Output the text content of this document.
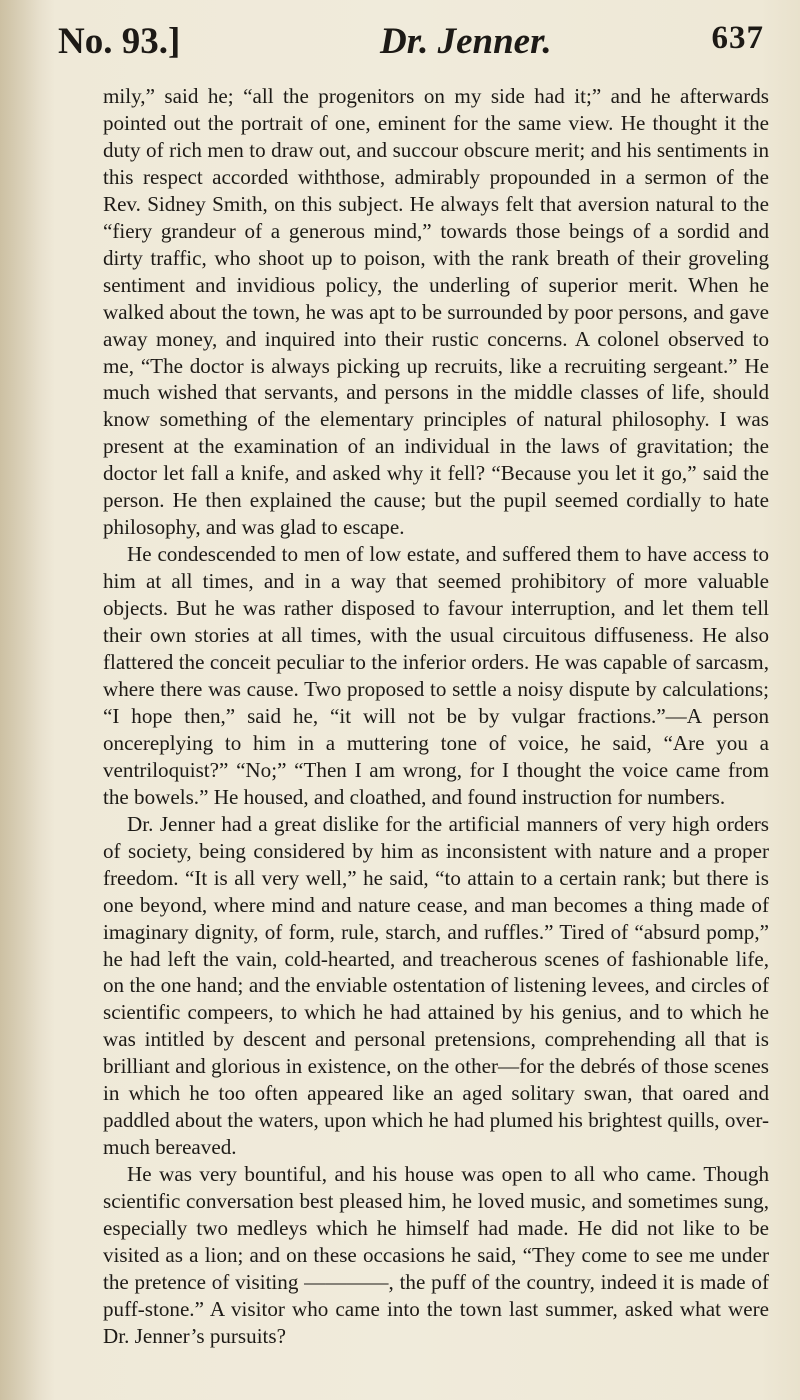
No. 93.]	Dr. Jenner.	637

mily,” said he; “all the progenitors on my side had it;” and he afterwards pointed out the portrait of one, eminent for the same view. He thought it the duty of rich men to draw out, and succour obscure merit; and his sentiments in this respect accorded withthose, admirably propounded in a sermon of the Rev. Sidney Smith, on this subject. He always felt that aversion natural to the “fiery grandeur of a generous mind,” towards those beings of a sordid and dirty traffic, who shoot up to poison, with the rank breath of their groveling sentiment and invidious policy, the underling of superior merit. When he walked about the town, he was apt to be surrounded by poor persons, and gave away money, and inquired into their rustic concerns. A colonel observed to me, “The doctor is always picking up recruits, like a recruiting sergeant.” He much wished that servants, and persons in the middle classes of life, should know something of the elementary principles of natural philosophy. I was present at the examination of an individual in the laws of gravitation; the doctor let fall a knife, and asked why it fell? “Because you let it go,” said the person. He then explained the cause; but the pupil seemed cordially to hate philosophy, and was glad to escape.

He condescended to men of low estate, and suffered them to have access to him at all times, and in a way that seemed prohibitory of more valuable objects. But he was rather disposed to favour interruption, and let them tell their own stories at all times, with the usual circuitous diffuseness. He also flattered the conceit peculiar to the inferior orders. He was capable of sarcasm, where there was cause. Two proposed to settle a noisy dispute by calculations; “I hope then,” said he, “it will not be by vulgar fractions.”—A person oncereplying to him in a muttering tone of voice, he said, “Are you a ventriloquist?” “No;” “Then I am wrong, for I thought the voice came from the bowels.” He housed, and cloathed, and found instruction for numbers.

Dr. Jenner had a great dislike for the artificial manners of very high orders of society, being considered by him as inconsistent with nature and a proper freedom. “It is all very well,” he said, “to attain to a certain rank; but there is one beyond, where mind and nature cease, and man becomes a thing made of imaginary dignity, of form, rule, starch, and ruffles.” Tired of “absurd pomp,” he had left the vain, cold-hearted, and treacherous scenes of fashionable life, on the one hand; and the enviable ostentation of listening levees, and circles of scientific compeers, to which he had attained by his genius, and to which he was intitled by descent and personal pretensions, comprehending all that is brilliant and glorious in existence, on the other—for the debrés of those scenes in which he too often appeared like an aged solitary swan, that oared and paddled about the waters, upon which he had plumed his brightest quills, over-much bereaved.

He was very bountiful, and his house was open to all who came. Though scientific conversation best pleased him, he loved music, and sometimes sung, especially two medleys which he himself had made. He did not like to be visited as a lion; and on these occasions he said, “They come to see me under the pretence of visiting ————, the puff of the country, indeed it is made of puff-stone.” A visitor who came into the town last summer, asked what were Dr. Jenner’s pursuits?
